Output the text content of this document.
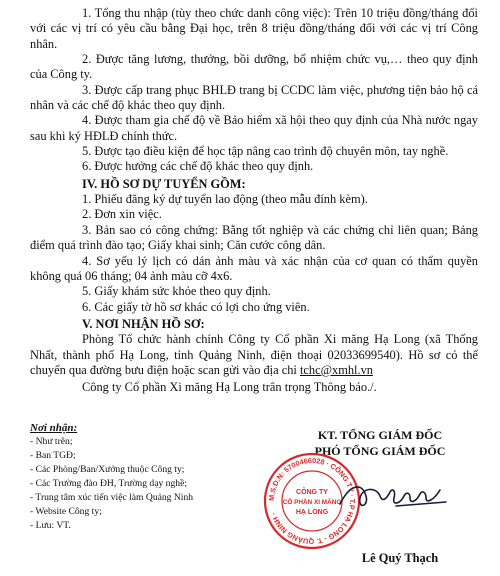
1. Tổng thu nhập (tùy theo chức danh công việc): Trên 10 triệu đồng/tháng đối với các vị trí có yêu cầu bằng Đại học, trên 8 triệu đồng/tháng đối với các vị trí Công nhân.

2. Được tăng lương, thưởng, bồi dưỡng, bổ nhiệm chức vụ,… theo quy định của Công ty.

3. Được cấp trang phục BHLĐ trang bị CCDC làm việc, phương tiện bảo hộ cá nhân và các chế độ khác theo quy định.

4. Được tham gia chế độ về Bảo hiểm xã hội theo quy định của Nhà nước ngay sau khi ký HĐLĐ chính thức.

5. Được tạo điều kiện để học tập nâng cao trình độ chuyên môn, tay nghề.

6. Được hưởng các chế độ khác theo quy định.

IV. HỒ SƠ DỰ TUYỂN GỒM:

1. Phiếu đăng ký dự tuyển lao động (theo mẫu đính kèm).

2. Đơn xin việc.

3. Bản sao có công chứng: Bằng tốt nghiệp và các chứng chỉ liên quan; Bảng điểm quá trình đào tạo; Giấy khai sinh; Căn cước công dân.

4. Sơ yếu lý lịch có dán ảnh màu và xác nhận của cơ quan có thẩm quyền không quá 06 tháng; 04 ảnh màu cỡ 4x6.

5. Giấy khám sức khỏe theo quy định.

6. Các giấy tờ hồ sơ khác có lợi cho ứng viên.

V. NƠI NHẬN HỒ SƠ:

Phòng Tổ chức hành chính Công ty Cổ phần Xi măng Hạ Long (xã Thống Nhất, thành phố Hạ Long, tỉnh Quảng Ninh, điện thoại 02033699540). Hồ sơ có thể chuyển qua đường bưu điện hoặc scan gửi vào địa chỉ tchc@xmhl.vn

Công ty Cổ phần Xi măng Hạ Long trân trọng Thông báo./.

Nơi nhận:
- Như trên;
- Ban TGĐ;
- Các Phòng/Ban/Xưởng thuộc Công ty;
- Các Trường đào ĐH, Trường dạy nghề;
- Trung tâm xúc tiến việc làm Quảng Ninh
- Website Công ty;
- Lưu: VT.
KT. TỔNG GIÁM ĐỐC
PHÓ TỔNG GIÁM ĐỐC
M.S.D.N: 5700466028 · CÔNG TY · T.P HẠ LONG - T. QUẢNG NINH ·
CÔNG TY
CỔ PHẦN XI MĂNG
HẠ LONG
Lê Quý Thạch
